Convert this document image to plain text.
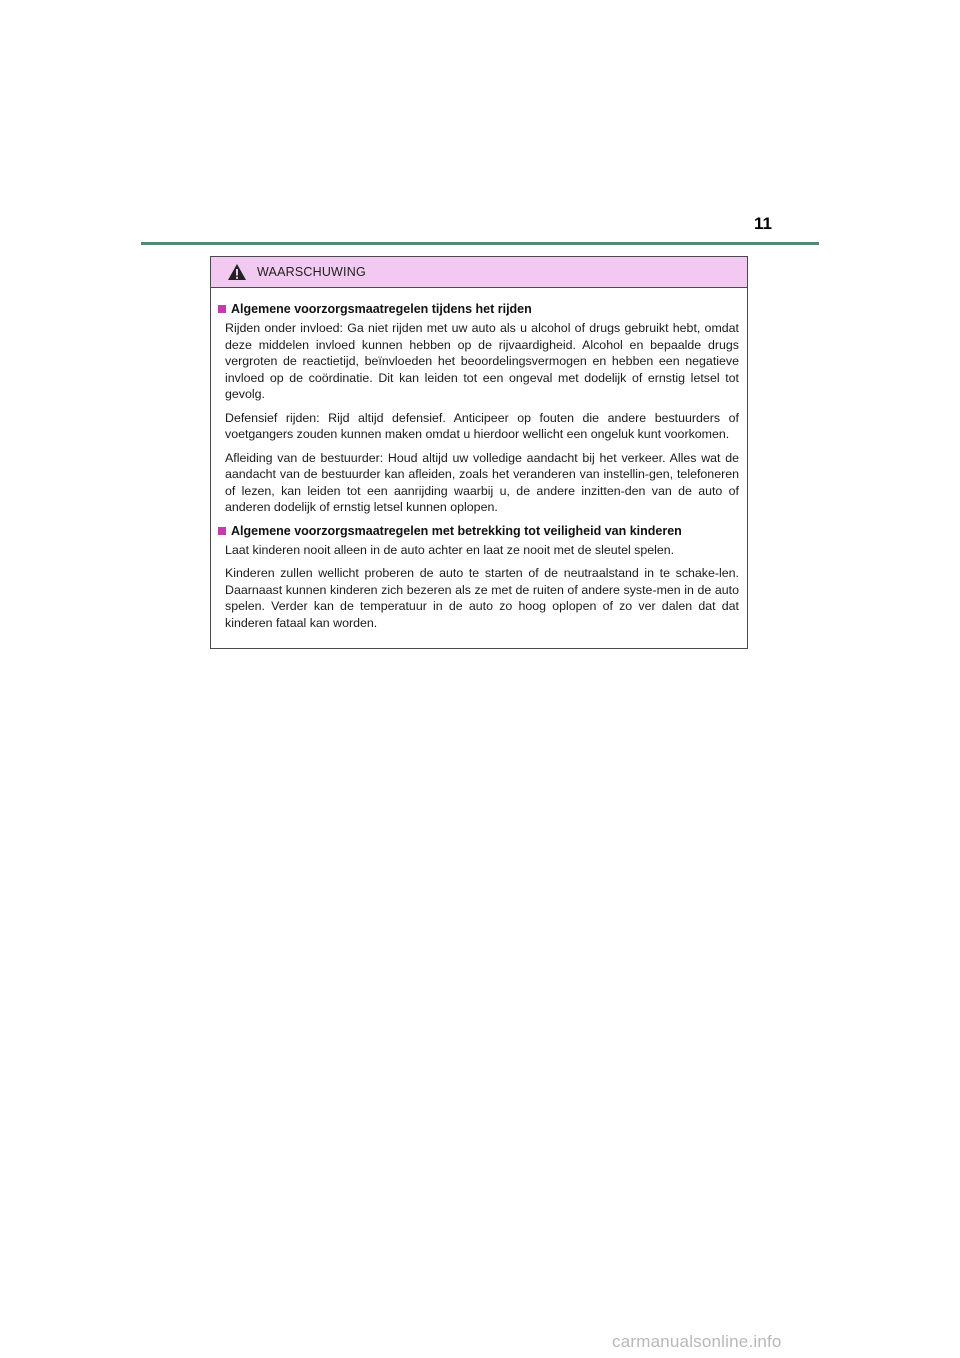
11
WAARSCHUWING
Algemene voorzorgsmaatregelen tijdens het rijden

Rijden onder invloed: Ga niet rijden met uw auto als u alcohol of drugs gebruikt hebt, omdat deze middelen invloed kunnen hebben op de rijvaardigheid. Alcohol en bepaalde drugs vergroten de reactietijd, beïnvloeden het beoordelingsvermogen en hebben een negatieve invloed op de coördinatie. Dit kan leiden tot een ongeval met dodelijk of ernstig letsel tot gevolg.

Defensief rijden: Rijd altijd defensief. Anticipeer op fouten die andere bestuurders of voetgangers zouden kunnen maken omdat u hierdoor wellicht een ongeluk kunt voorkomen.

Afleiding van de bestuurder: Houd altijd uw volledige aandacht bij het verkeer. Alles wat de aandacht van de bestuurder kan afleiden, zoals het veranderen van instellin-gen, telefoneren of lezen, kan leiden tot een aanrijding waarbij u, de andere inzitten-den van de auto of anderen dodelijk of ernstig letsel kunnen oplopen.

Algemene voorzorgsmaatregelen met betrekking tot veiligheid van kinderen

Laat kinderen nooit alleen in de auto achter en laat ze nooit met de sleutel spelen.

Kinderen zullen wellicht proberen de auto te starten of de neutraalstand in te schake-len. Daarnaast kunnen kinderen zich bezeren als ze met de ruiten of andere syste-men in de auto spelen. Verder kan de temperatuur in de auto zo hoog oplopen of zo ver dalen dat dat kinderen fataal kan worden.

carmanualsonline.info
